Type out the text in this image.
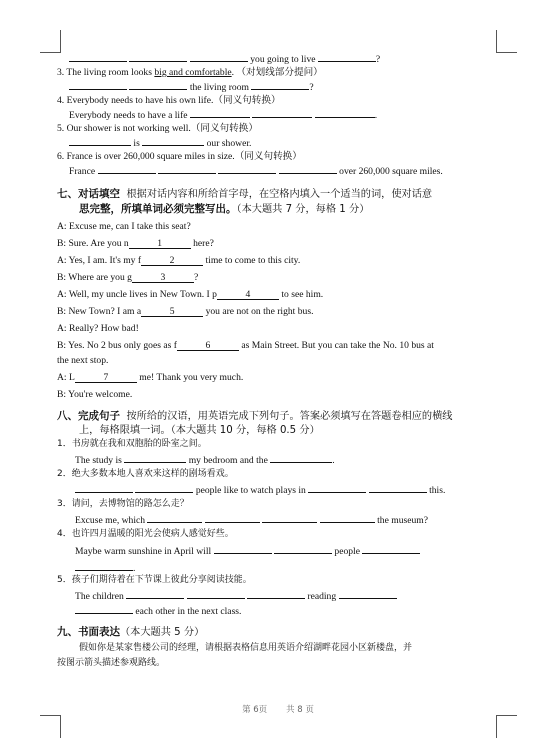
you going to live	?
3. The living room looks big and comfortable. （对划线部分提问）
the living room	?
4. Everybody needs to have his own life.（同义句转换）
Everybody needs to have a life	.
5. Our shower is not working well.（同义句转换）
is	our shower.
6. France is over 260,000 square miles in size.（同义句转换）
France	over 260,000 square miles.
七、对话填空 根据对话内容和所给首字母，在空格内填入一个适当的词，使对话意
思完整，所填单词必须完整写出。（本大题共 7 分，每格 1 分）
A: Excuse me, can I take this seat?
B: Sure. Are you n	1	here?
A: Yes, I am. It's my f	2	time to come to this city.
B: Where are you g	3	?
A: Well, my uncle lives in New Town. I p	4	to see him.
B: New Town? I am a	5	you are not on the right bus.
A: Really? How bad!
B: Yes. No 2 bus only goes as f	6	as Main Street. But you can take the No. 10 bus at
the next stop.
A: L	7	me! Thank you very much.
B: You're welcome.
八、完成句子 按所给的汉语，用英语完成下列句子。答案必须填写在答题卷相应的横线
上，每格限填一词。（本大题共 10 分，每格 0.5 分）
1．书房就在我和双胞胎的卧室之间。
The study is	my bedroom and the	.
2．绝大多数本地人喜欢来这样的剧场看戏。
people like to watch plays in	this.
3．请问，去博物馆的路怎么走？
Excuse me, which	the museum?
4．也许四月温暖的阳光会使病人感觉好些。
Maybe warm sunshine in April will	people
.
5．孩子们期待着在下节课上彼此分享阅读技能。
The children	reading
each other in the next class.
九、书面表达（本大题共 5 分）
假如你是某家售楼公司的经理，请根据表格信息用英语介绍湖畔花园小区新楼盘，并
按图示箭头描述参观路线。
第 6页 共 8 页
